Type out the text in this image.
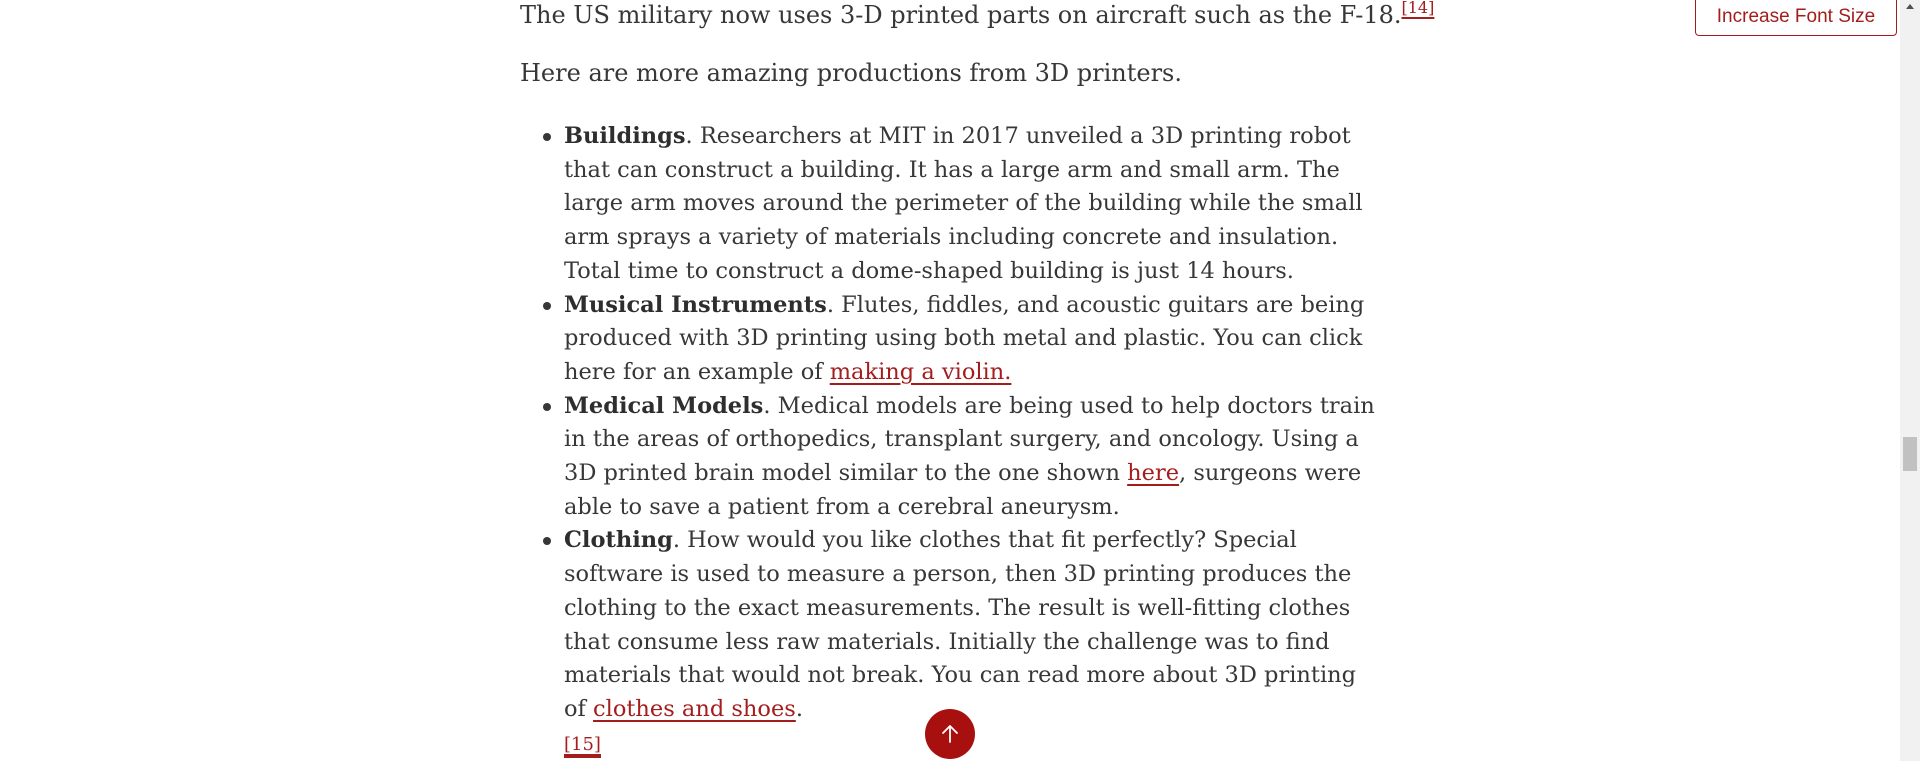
The US military now uses 3-D printed parts on aircraft such as the F-18.[14]

Here are more amazing productions from 3D printers.

Buildings. Researchers at MIT in 2017 unveiled a 3D printing robot that can construct a building. It has a large arm and small arm. The large arm moves around the perimeter of the building while the small arm sprays a variety of materials including concrete and insulation. Total time to construct a dome-shaped building is just 14 hours.
Musical Instruments. Flutes, fiddles, and acoustic guitars are being produced with 3D printing using both metal and plastic. You can click here for an example of making a violin.
Medical Models. Medical models are being used to help doctors train in the areas of orthopedics, transplant surgery, and oncology. Using a 3D printed brain model similar to the one shown here, surgeons were able to save a patient from a cerebral aneurysm.
Clothing. How would you like clothes that fit perfectly? Special software is used to measure a person, then 3D printing produces the clothing to the exact measurements. The result is well-fitting clothes that consume less raw materials. Initially the challenge was to find materials that would not break. You can read more about 3D printing of clothes and shoes.
[15]
Increase Font Size
